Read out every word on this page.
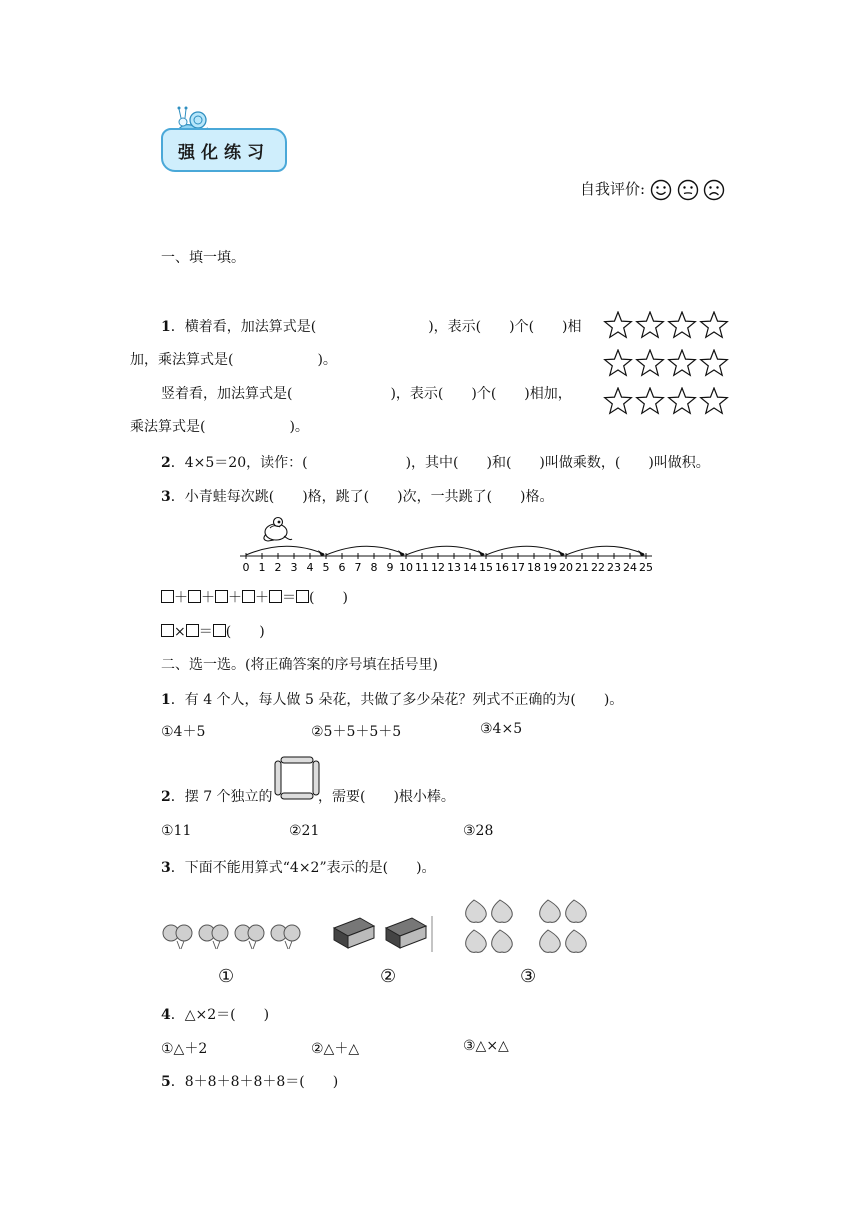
强化练习
自我评价:
一、填一填。
1．横着看，加法算式是(　　　　　　　　)，表示(　　)个(　　)相
加，乘法算式是(　　　　　　)。
竖着看，加法算式是(　　　　　　　)，表示(　　)个(　　)相加，
乘法算式是(　　　　　　)。
2．4×5＝20，读作：(　　　　　　　)，其中(　　)和(　　)叫做乘数，(　　)叫做积。
3．小青蛙每次跳(　　)格，跳了(　　)次，一共跳了(　　)格。
0 1 2 3 4 5 6 7 8 9 10 11 12 13 14 15 16 17 18 19 20 21 22 23 24 25
＋ ＋ ＋ ＋ ＝ (　　)
× ＝ (　　)
二、选一选。(将正确答案的序号填在括号里)
1．有 4 个人，每人做 5 朵花，共做了多少朵花？列式不正确的为(　　)。
①4＋5	②5＋5＋5＋5	③4×5
2．摆 7 个独立的	，需要(　　)根小棒。
①11	②21	③28
3．下面不能用算式“4×2”表示的是(　　)。
①	②	③
4．△×2＝(　　)
①△＋2	②△＋△	③△×△
5．8＋8＋8＋8＋8＝(　　)
